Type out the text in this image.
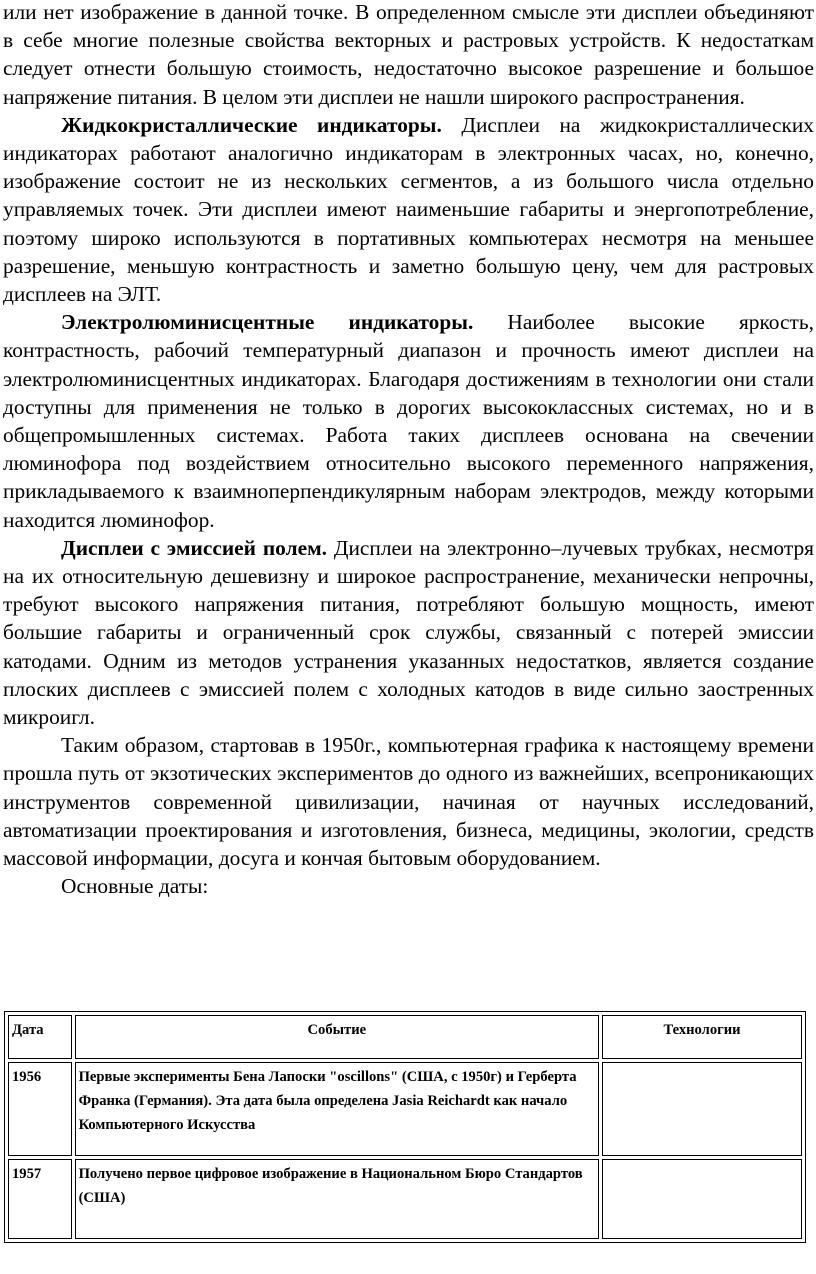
или нет изображение в данной точке. В определенном смысле эти дисплеи объединяют в себе многие полезные свойства векторных и растровых устройств. К недостаткам следует отнести большую стоимость, недостаточно высокое разрешение и большое напряжение питания. В целом эти дисплеи не нашли широкого распространения.

Жидкокристаллические индикаторы. Дисплеи на жидкокристаллических индикаторах работают аналогично индикаторам в электронных часах, но, конечно, изображение состоит не из нескольких сегментов, а из большого числа отдельно управляемых точек. Эти дисплеи имеют наименьшие габариты и энергопотребление, поэтому широко используются в портативных компьютерах несмотря на меньшее разрешение, меньшую контрастность и заметно большую цену, чем для растровых дисплеев на ЭЛТ.

Электролюминисцентные индикаторы. Наиболее высокие яркость, контрастность, рабочий температурный диапазон и прочность имеют дисплеи на электролюминисцентных индикаторах. Благодаря достижениям в технологии они стали доступны для применения не только в дорогих высококлассных системах, но и в общепромышленных системах. Работа таких дисплеев основана на свечении люминофора под воздействием относительно высокого переменного напряжения, прикладываемого к взаимноперпендикулярным наборам электродов, между которыми находится люминофор.

Дисплеи с эмиссией полем. Дисплеи на электронно–лучевых трубках, несмотря на их относительную дешевизну и широкое распространение, механически непрочны, требуют высокого напряжения питания, потребляют большую мощность, имеют большие габариты и ограниченный срок службы, связанный с потерей эмиссии катодами. Одним из методов устранения указанных недостатков, является создание плоских дисплеев с эмиссией полем с холодных катодов в виде сильно заостренных микроигл.

Таким образом, стартовав в 1950г., компьютерная графика к настоящему времени прошла путь от экзотических экспериментов до одного из важнейших, всепроникающих инструментов современной цивилизации, начиная от научных исследований, автоматизации проектирования и изготовления, бизнеса, медицины, экологии, средств массовой информации, досуга и кончая бытовым оборудованием.

Основные даты:

Дата	Событие	Технологии
1956	Первые эксперименты Бена Лапоски "oscillons" (США, с 1950г) и Герберта Франка (Германия). Эта дата была определена Jasia Reichardt как начало Компьютерного Искусства	
1957	Получено первое цифровое изображение в Национальном Бюро Стандартов (США)	
